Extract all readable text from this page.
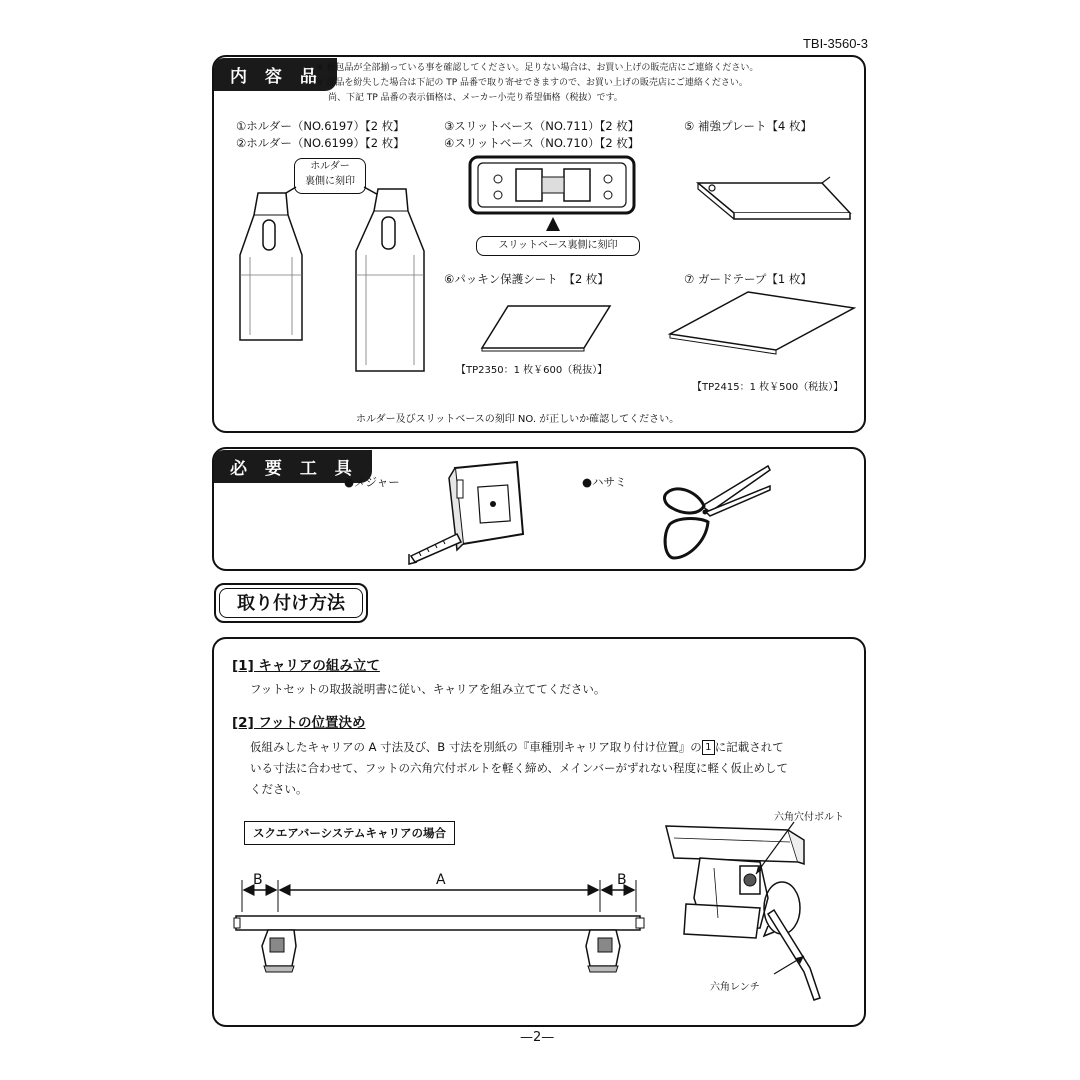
TBI-3560-3
内 容 品
※ 梱包品が全部揃っている事を確認してください。足りない場合は、お買い上げの販売店にご連絡ください。
※ 部品を紛失した場合は下記の TP 品番で取り寄せできますので、お買い上げの販売店にご連絡ください。
尚、下記 TP 品番の表示価格は、メーカー小売り希望価格（税抜）です。
①ホルダー（NO.6197）【2 枚】
②ホルダー（NO.6199）【2 枚】
③スリットベース（NO.711）【2 枚】
④スリットベース（NO.710）【2 枚】
⑤ 補強プレート【4 枚】
⑥パッキン保護シート　【2 枚】	⑦ ガードテープ【1 枚】
ホルダー
裏側に刻印
スリットベース裏側に刻印
【TP2350：1 枚￥600（税抜）】
【TP2415：1 枚￥500（税抜）】
ホルダー及びスリットベースの刻印 NO. が正しいか確認してください。
必 要 工 具
●メジャー	●ハサミ
取り付け方法
[1] キャリアの組み立て
フットセットの取扱説明書に従い、キャリアを組み立ててください。
[2] フットの位置決め
仮組みしたキャリアの A 寸法及び、B 寸法を別紙の『車種別キャリア取り付け位置』の 1 に記載されて
いる寸法に合わせて、フットの六角穴付ボルトを軽く締め、メインバーがずれない程度に軽く仮止めして
ください。
スクエアバーシステムキャリアの場合
B	A	B
六角穴付ボルト
六角レンチ
—2—
